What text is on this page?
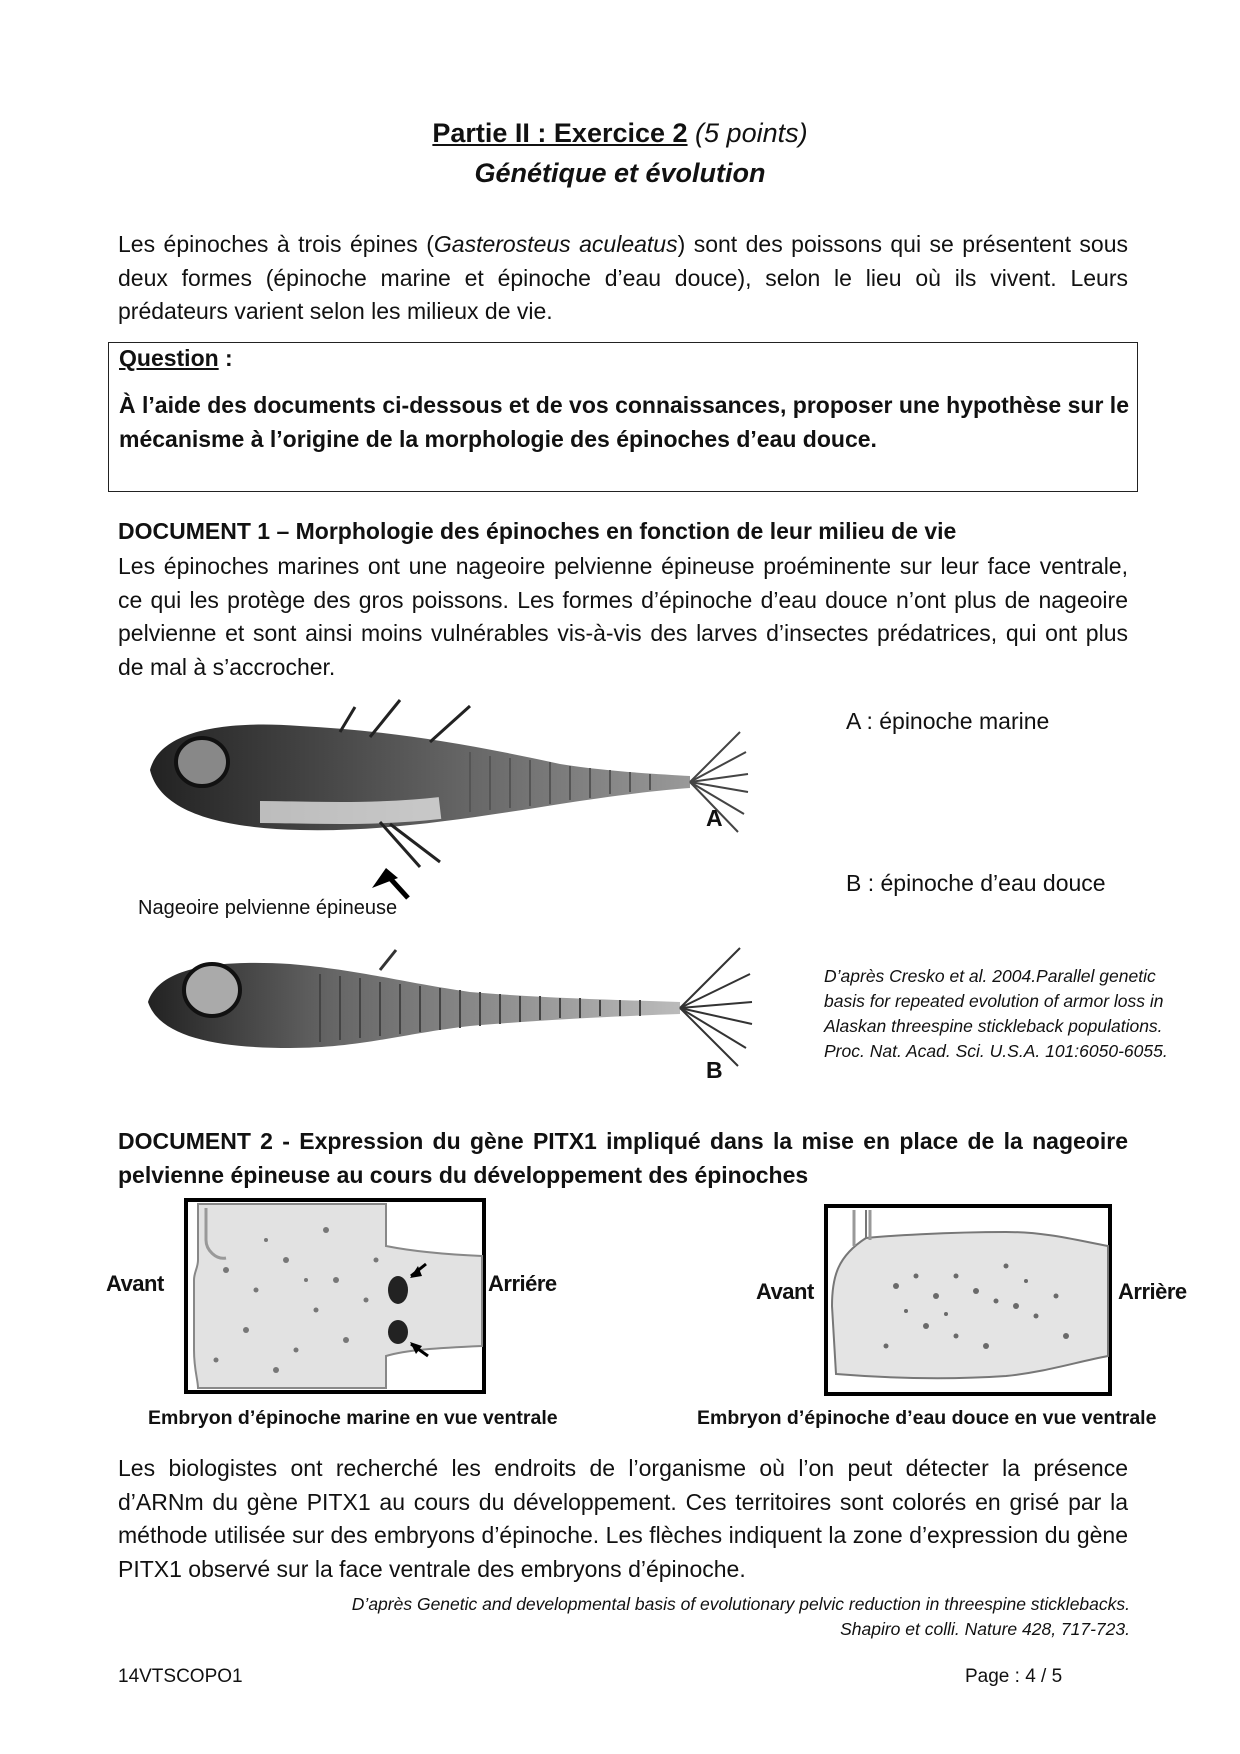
Partie II : Exercice 2 (5 points)
Génétique et évolution
Les épinoches à trois épines (Gasterosteus aculeatus) sont des poissons qui se présentent sous deux formes (épinoche marine et épinoche d’eau douce), selon le lieu où ils vivent. Leurs prédateurs varient selon les milieux de vie.
Question :
À l’aide des documents ci-dessous et de vos connaissances, proposer une hypothèse sur le mécanisme à l’origine de la morphologie des épinoches d’eau douce.
DOCUMENT 1 – Morphologie des épinoches en fonction de leur milieu de vie
Les épinoches marines ont une nageoire pelvienne épineuse proéminente sur leur face ventrale, ce qui les protège des gros poissons. Les formes d’épinoche d’eau douce n’ont plus de nageoire pelvienne et sont ainsi moins vulnérables vis-à-vis des larves d’insectes prédatrices, qui ont plus de mal à s’accrocher.
A
B
A : épinoche marine
B : épinoche d’eau douce
Nageoire pelvienne épineuse
D’après Cresko et al. 2004.Parallel genetic
basis for repeated evolution of armor loss in
Alaskan threespine stickleback populations.
Proc. Nat. Acad. Sci. U.S.A. 101:6050-6055.
DOCUMENT 2 - Expression du gène PITX1 impliqué dans la mise en place de la nageoire pelvienne épineuse au cours du développement des épinoches
Avant	Arriére	Avant	Arrière
Embryon d’épinoche marine en vue ventrale	Embryon d’épinoche d’eau douce en vue ventrale
Les biologistes ont recherché les endroits de l’organisme où l’on peut détecter la présence d’ARNm du gène PITX1 au cours du développement. Ces territoires sont colorés en grisé par la méthode utilisée sur des embryons d’épinoche. Les flèches indiquent la zone d’expression du gène PITX1 observé sur la face ventrale des embryons d’épinoche.
D’après Genetic and developmental basis of evolutionary pelvic reduction in threespine sticklebacks.
Shapiro et colli. Nature 428, 717-723.
14VTSCOPO1	Page : 4 / 5
